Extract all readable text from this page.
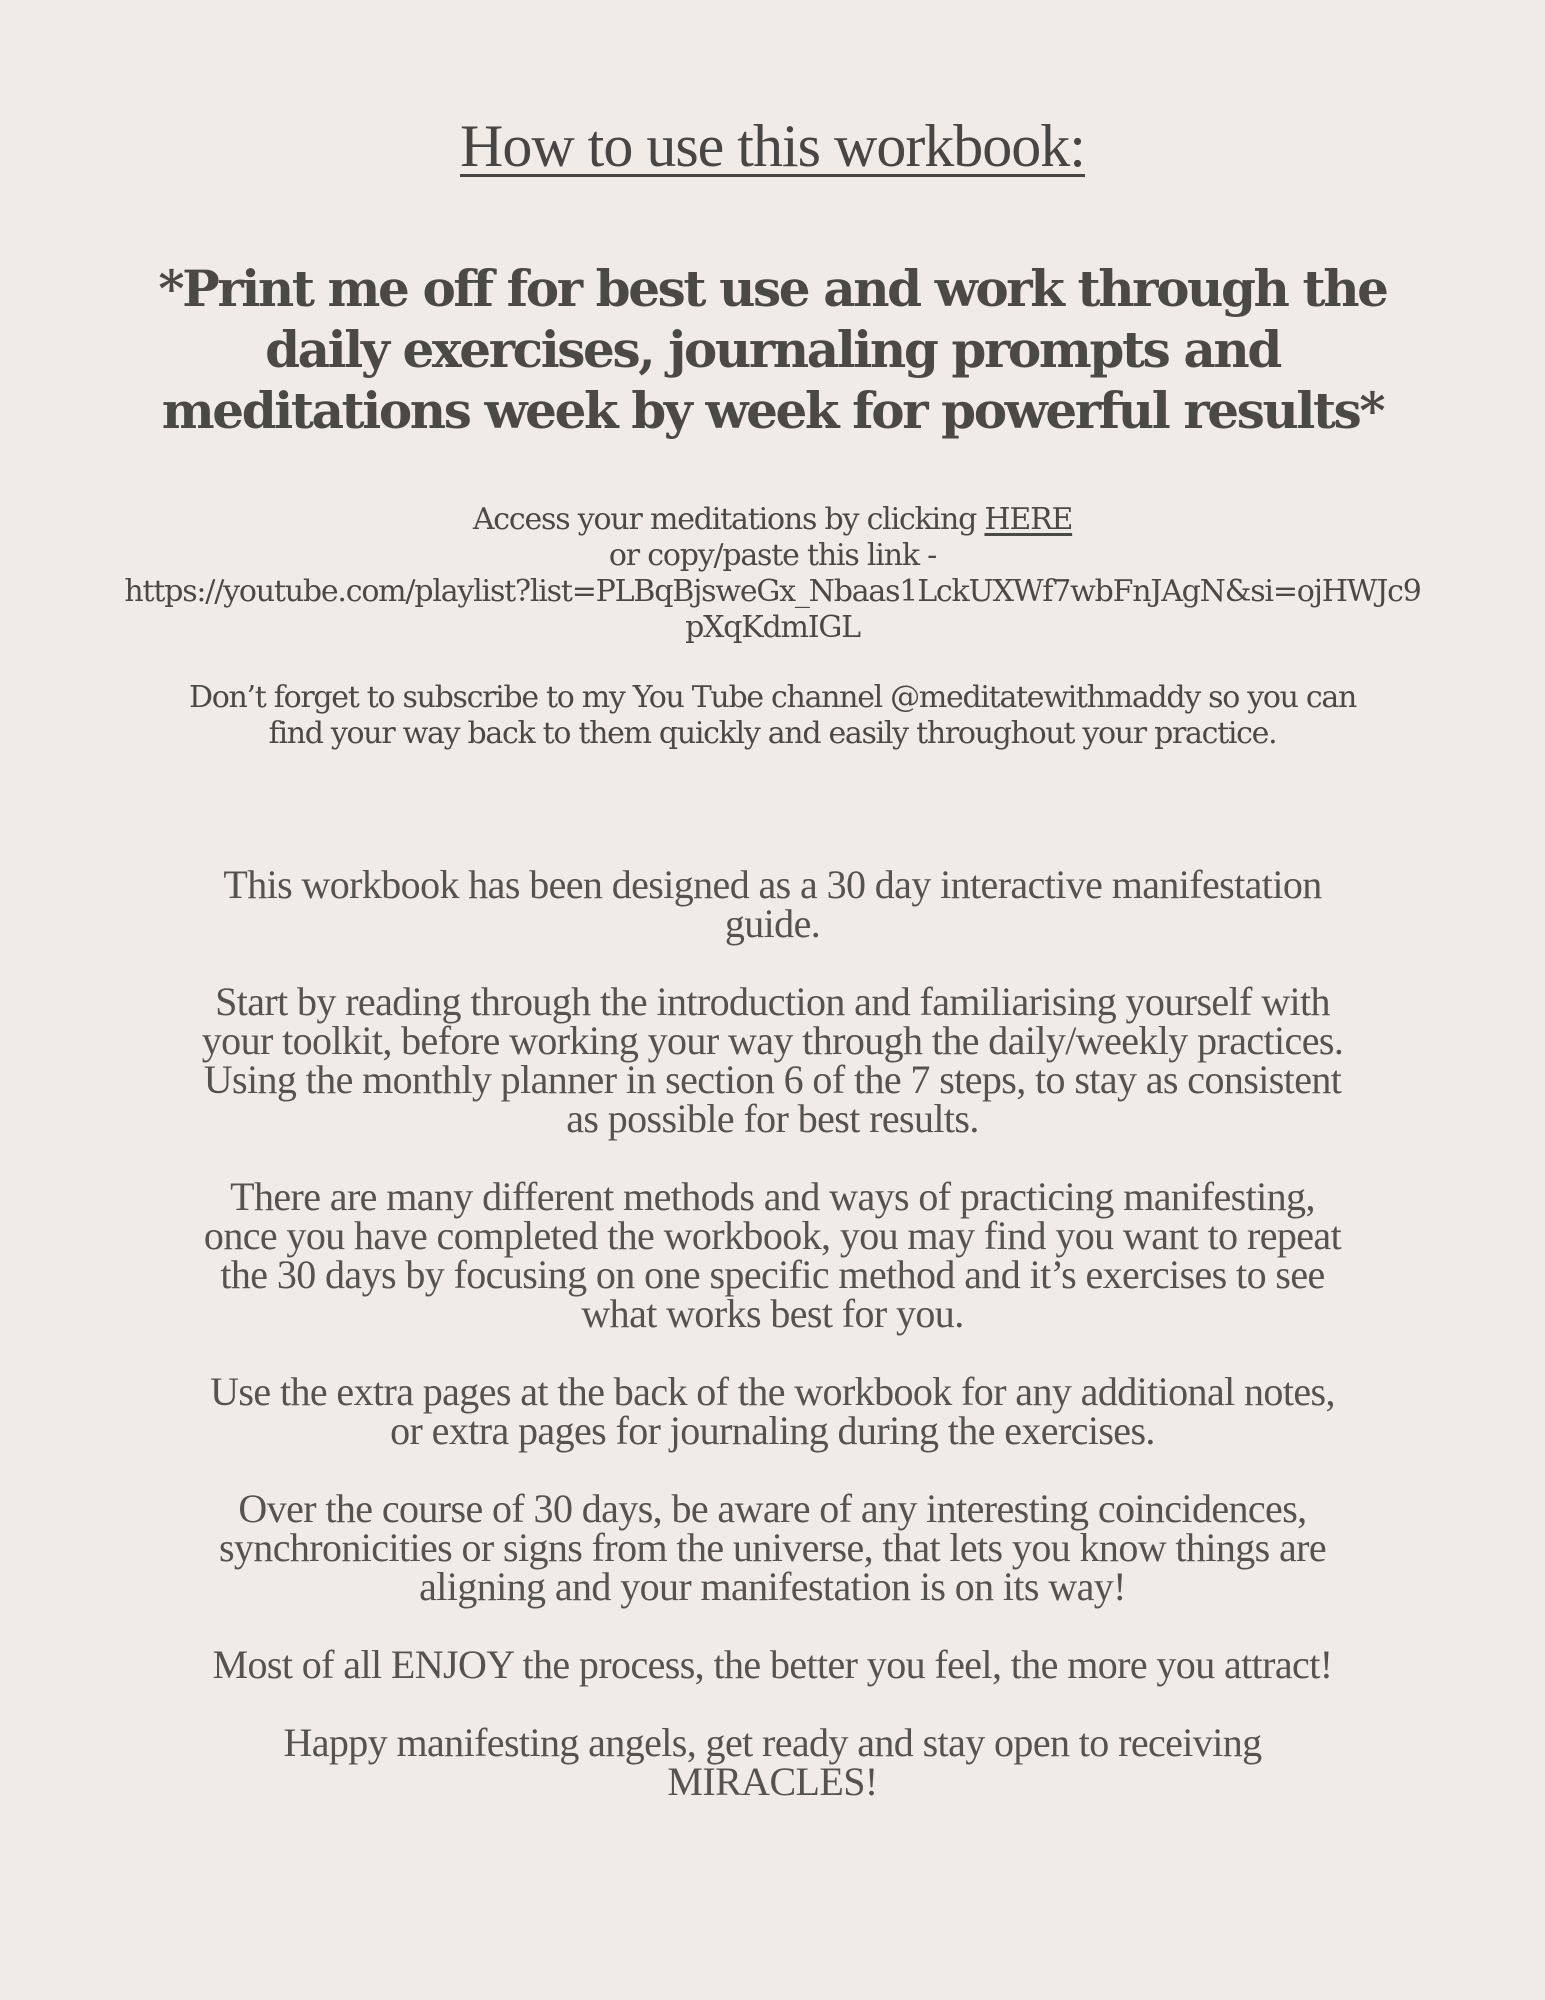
How to use this workbook:

*Print me off for best use and work through the daily exercises, journaling prompts and meditations week by week for powerful results*

Access your meditations by clicking HERE
or copy/paste this link -
https://youtube.com/playlist?list=PLBqBjsweGx_Nbaas1LckUXWf7wbFnJAgN&si=ojHWJc9pXqKdmIGL

Don’t forget to subscribe to my You Tube channel @meditatewithmaddy so you can find your way back to them quickly and easily throughout your practice.

This workbook has been designed as a 30 day interactive manifestation guide.

Start by reading through the introduction and familiarising yourself with your toolkit, before working your way through the daily/weekly practices.
Using the monthly planner in section 6 of the 7 steps, to stay as consistent as possible for best results.

There are many different methods and ways of practicing manifesting, once you have completed the workbook, you may find you want to repeat the 30 days by focusing on one specific method and it’s exercises to see what works best for you.

Use the extra pages at the back of the workbook for any additional notes, or extra pages for journaling during the exercises.

Over the course of 30 days, be aware of any interesting coincidences, synchronicities or signs from the universe, that lets you know things are aligning and your manifestation is on its way!

Most of all ENJOY the process, the better you feel, the more you attract!

Happy manifesting angels, get ready and stay open to receiving MIRACLES!
